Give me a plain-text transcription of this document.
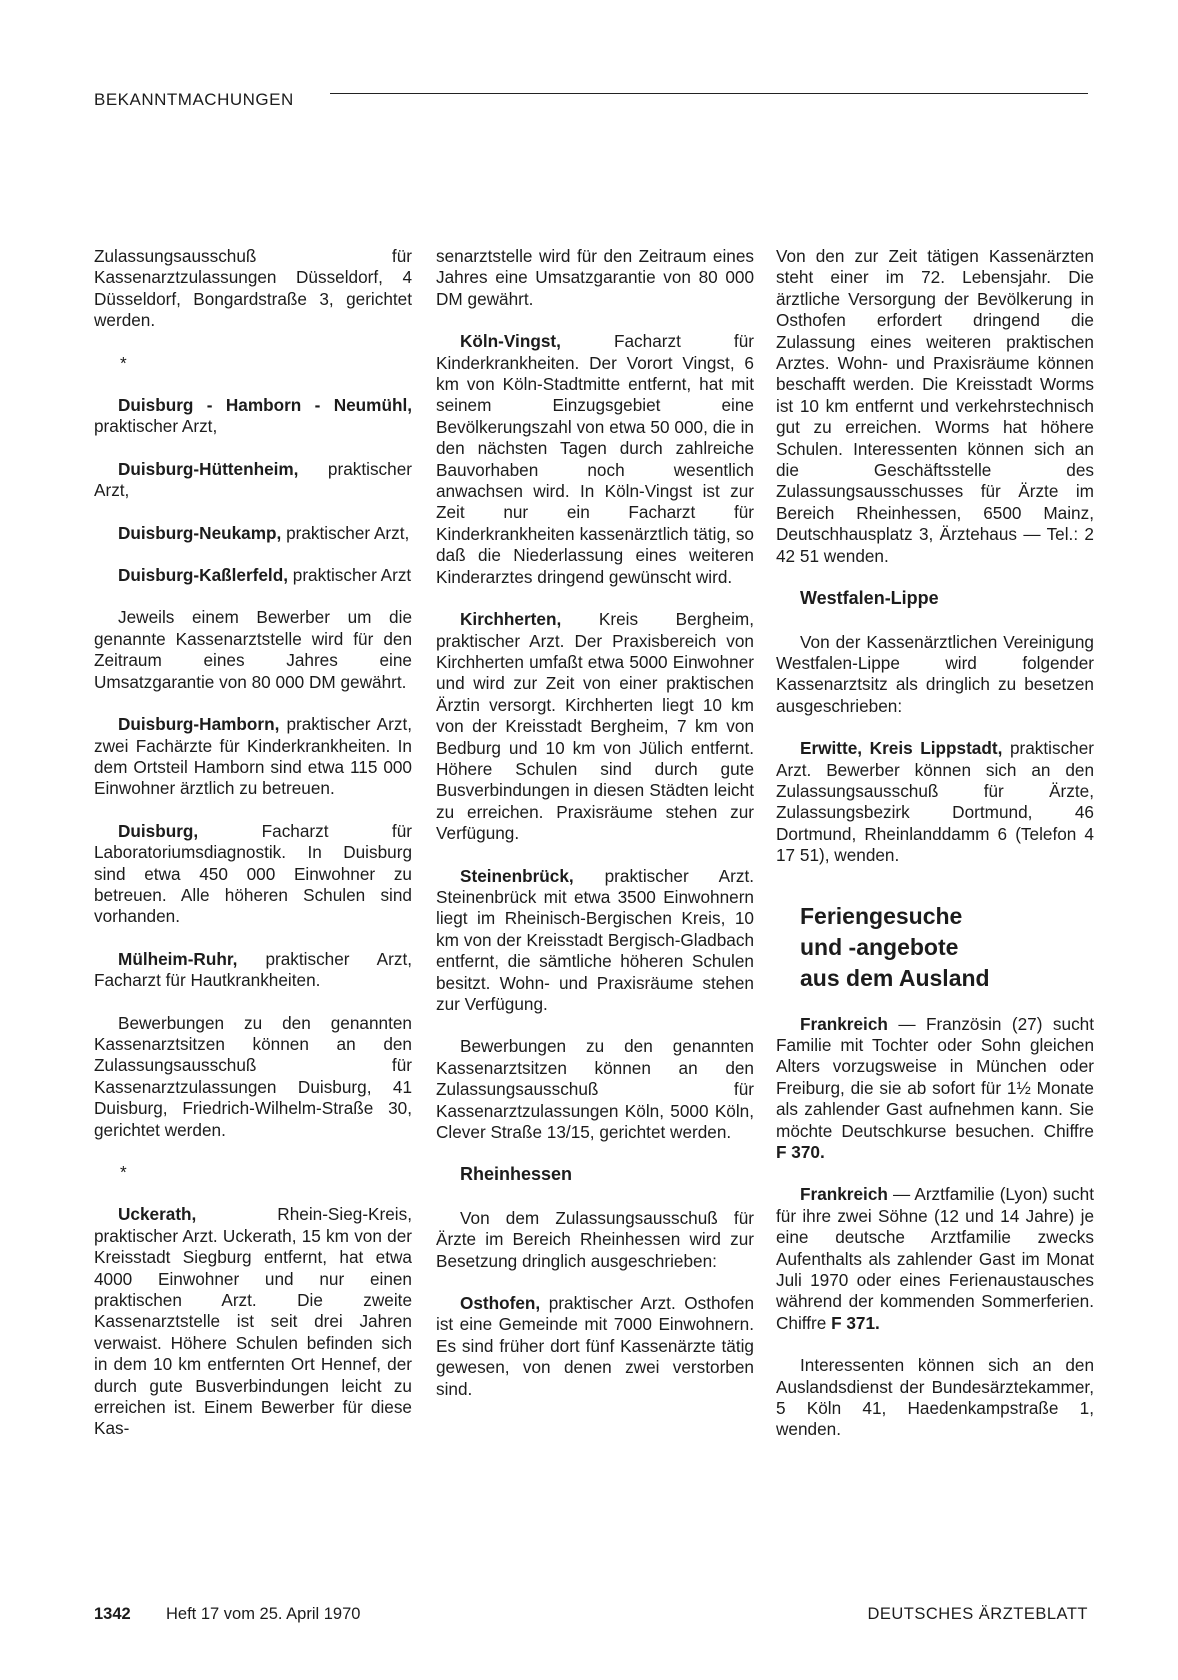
BEKANNTMACHUNGEN

Zulassungsausschuß für Kassenarztzulassungen Düsseldorf, 4 Düsseldorf, Bongardstraße 3, gerichtet werden.

*

Duisburg - Hamborn - Neumühl, praktischer Arzt,

Duisburg-Hüttenheim, praktischer Arzt,

Duisburg-Neukamp, praktischer Arzt,

Duisburg-Kaßlerfeld, praktischer Arzt

Jeweils einem Bewerber um die genannte Kassenarztstelle wird für den Zeitraum eines Jahres eine Umsatzgarantie von 80 000 DM gewährt.

Duisburg-Hamborn, praktischer Arzt, zwei Fachärzte für Kinderkrankheiten. In dem Ortsteil Hamborn sind etwa 115 000 Einwohner ärztlich zu betreuen.

Duisburg, Facharzt für Laboratoriumsdiagnostik. In Duisburg sind etwa 450 000 Einwohner zu betreuen. Alle höheren Schulen sind vorhanden.

Mülheim-Ruhr, praktischer Arzt, Facharzt für Hautkrankheiten.

Bewerbungen zu den genannten Kassenarztsitzen können an den Zulassungsausschuß für Kassenarztzulassungen Duisburg, 41 Duisburg, Friedrich-Wilhelm-Straße 30, gerichtet werden.

*

Uckerath, Rhein-Sieg-Kreis, praktischer Arzt. Uckerath, 15 km von der Kreisstadt Siegburg entfernt, hat etwa 4000 Einwohner und nur einen praktischen Arzt. Die zweite Kassenarztstelle ist seit drei Jahren verwaist. Höhere Schulen befinden sich in dem 10 km entfernten Ort Hennef, der durch gute Busverbindungen leicht zu erreichen ist. Einem Bewerber für diese Kas-

senarztstelle wird für den Zeitraum eines Jahres eine Umsatzgarantie von 80 000 DM gewährt.

Köln-Vingst, Facharzt für Kinderkrankheiten. Der Vorort Vingst, 6 km von Köln-Stadtmitte entfernt, hat mit seinem Einzugsgebiet eine Bevölkerungszahl von etwa 50 000, die in den nächsten Tagen durch zahlreiche Bauvorhaben noch wesentlich anwachsen wird. In Köln-Vingst ist zur Zeit nur ein Facharzt für Kinderkrankheiten kassenärztlich tätig, so daß die Niederlassung eines weiteren Kinderarztes dringend gewünscht wird.

Kirchherten, Kreis Bergheim, praktischer Arzt. Der Praxisbereich von Kirchherten umfaßt etwa 5000 Einwohner und wird zur Zeit von einer praktischen Ärztin versorgt. Kirchherten liegt 10 km von der Kreisstadt Bergheim, 7 km von Bedburg und 10 km von Jülich entfernt. Höhere Schulen sind durch gute Busverbindungen in diesen Städten leicht zu erreichen. Praxisräume stehen zur Verfügung.

Steinenbrück, praktischer Arzt. Steinenbrück mit etwa 3500 Einwohnern liegt im Rheinisch-Bergischen Kreis, 10 km von der Kreisstadt Bergisch-Gladbach entfernt, die sämtliche höheren Schulen besitzt. Wohn- und Praxisräume stehen zur Verfügung.

Bewerbungen zu den genannten Kassenarztsitzen können an den Zulassungsausschuß für Kassenarztzulassungen Köln, 5000 Köln, Clever Straße 13/15, gerichtet werden.

Rheinhessen

Von dem Zulassungsausschuß für Ärzte im Bereich Rheinhessen wird zur Besetzung dringlich ausgeschrieben:

Osthofen, praktischer Arzt. Osthofen ist eine Gemeinde mit 7000 Einwohnern. Es sind früher dort fünf Kassenärzte tätig gewesen, von denen zwei verstorben sind.

Von den zur Zeit tätigen Kassenärzten steht einer im 72. Lebensjahr. Die ärztliche Versorgung der Bevölkerung in Osthofen erfordert dringend die Zulassung eines weiteren praktischen Arztes. Wohn- und Praxisräume können beschafft werden. Die Kreisstadt Worms ist 10 km entfernt und verkehrstechnisch gut zu erreichen. Worms hat höhere Schulen. Interessenten können sich an die Geschäftsstelle des Zulassungsausschusses für Ärzte im Bereich Rheinhessen, 6500 Mainz, Deutschhausplatz 3, Ärztehaus — Tel.: 2 42 51 wenden.

Westfalen-Lippe

Von der Kassenärztlichen Vereinigung Westfalen-Lippe wird folgender Kassenarztsitz als dringlich zu besetzen ausgeschrieben:

Erwitte, Kreis Lippstadt, praktischer Arzt. Bewerber können sich an den Zulassungsausschuß für Ärzte, Zulassungsbezirk Dortmund, 46 Dortmund, Rheinlanddamm 6 (Telefon 4 17 51), wenden.

Feriengesuche
und -angebote
aus dem Ausland

Frankreich — Französin (27) sucht Familie mit Tochter oder Sohn gleichen Alters vorzugsweise in München oder Freiburg, die sie ab sofort für 1½ Monate als zahlender Gast aufnehmen kann. Sie möchte Deutschkurse besuchen. Chiffre F 370.

Frankreich — Arztfamilie (Lyon) sucht für ihre zwei Söhne (12 und 14 Jahre) je eine deutsche Arztfamilie zwecks Aufenthalts als zahlender Gast im Monat Juli 1970 oder eines Ferienaustausches während der kommenden Sommerferien. Chiffre F 371.

Interessenten können sich an den Auslandsdienst der Bundesärztekammer, 5 Köln 41, Haedenkampstraße 1, wenden.

1342 Heft 17 vom 25. April 1970	DEUTSCHES ÄRZTEBLATT
